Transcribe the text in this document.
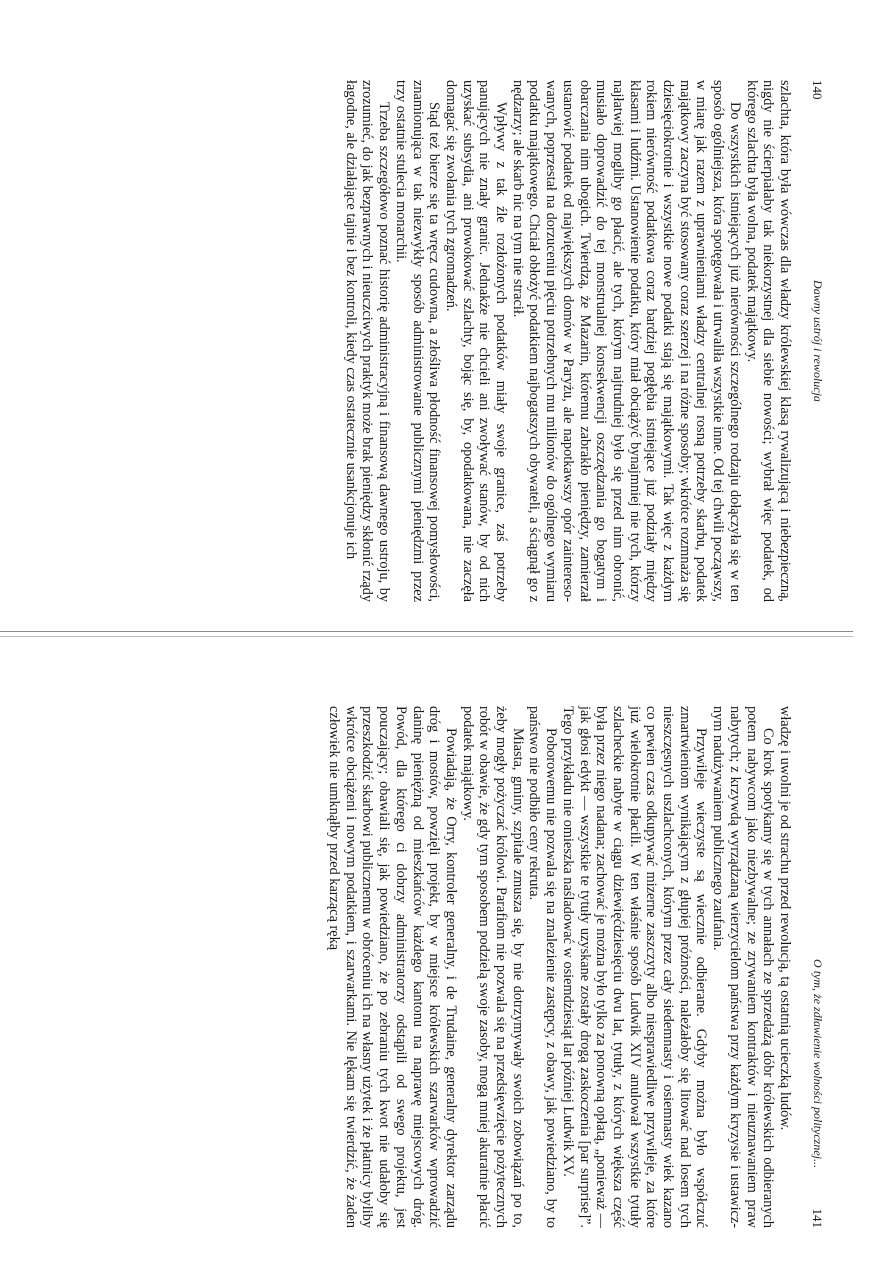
140
Dawny ustrój i rewolucja

szlachta, która była wówczas dla władzy królewskiej klasą rywalizującą i niebezpieczną, nigdy nie ścierpiałaby tak niekorzystnej dla siebie nowości; wybrał więc podatek, od którego szlachta była wolna, podatek majątkowy.

Do wszystkich istniejących już nierówności szczególnego rodzaju dołączyła się w ten sposób ogólniejsza, która spotęgowała i utrwaliła wszystkie inne. Od tej chwili począwszy, w miarę jak razem z uprawnieniami władzy centralnej rosną potrzeby skarbu, podatek majątkowy zaczyna być stosowany coraz szerzej i na różne sposoby; wkrótce rozmnaża się dziesięciokrotnie i wszystkie nowe podatki stają się majątkowymi. Tak więc z każdym rokiem nierówność podatkowa coraz bardziej pogłębia istniejące już podziały między klasami i ludźmi. Ustanowienie podatku, który miał obciążyć bynajmniej nie tych, którzy najłatwiej mogliby go płacić, ale tych, którym najtrudniej było się przed nim obronić, musiało doprowadzić do tej monstrualnej konsekwencji oszczędzania go bogatym i obarczania nim ubogich. Twierdzą, że Mazarin, któremu zabrakło pieniędzy, zamierzał ustanowić podatek od największych domów w Paryżu, ale napotkawszy opór zaintereso- wanych, poprzestał na dorzuceniu pięciu potrzebnych mu milionów do ogólnego wymiaru podatku majątkowego. Chciał obłożyć podatkiem najbogatszych obywateli, a ściągnął go z nędzarzy; ale skarb nic na tym nie stracił.

Wpływy z tak źle rozłożonych podatków miały swoje granice, zaś potrzeby panujących nie znały granic. Jednakże nie chcieli ani zwoływać stanów, by od nich uzyskać subsydia, ani prowokować szlachty, bojąc się, by, opodatkowana, nie zaczęła domagać się zwołania tych zgromadzeń.

Stąd też bierze się ta wręcz cudowna, a złośliwa płodność finansowej pomysłowości, znamionująca w tak niezwykły sposób administrowanie publicznymi pieniędzmi przez trzy ostatnie stulecia monarchii.

Trzeba szczegółowo poznać historię administracyjną i finansową dawnego ustroju, by zrozumieć, do jak bezprawnych i nieuczciwych praktyk może brak pieniędzy skłonić rządy łagodne, ale działające tajnie i bez kontroli, kiedy czas ostatecznie usankcjonuje ich

O tym, że zdławienie wolności politycznej...
141

władzę i uwolni je od strachu przed rewolucją, tą ostatnią ucieczką ludów.

Co krok spotykamy się w tych annałach ze sprzedażą dóbr królewskich odbieranych potem nabywcom jako niezbywalne; ze zrywaniem kontraktów i nieuznawaniem praw nabytych; z krzywdą wyrządzaną wierzycielom państwa przy każdym kryzysie i ustawicz- nym nadużywaniem publicznego zaufania.

Przywileje wieczyste są wiecznie odbierane. Gdyby można było współczuć zmartwieniom wynikającym z głupiej próżności, należałoby się litować nad losem tych nieszczęsnych uszlachconych, którym przez cały siedemnasty i osiemnasty wiek kazano co pewien czas odkupywać mizerne zaszczyty albo niesprawiedliwe przywileje, za które już wielokrotnie płacili. W ten właśnie sposób Ludwik XIV anulował wszystkie tytuły szlacheckie nabyte w ciągu dziewięćdziesięciu dwu lat, tytuły, z których większa część była przez niego nadana; zachować je można było tylko za ponowną opłatą, „ponieważ — jak głosi edykt — wszystkie te tytuły uzyskane zostały drogą zaskoczenia [par surprise]”. Tego przykładu nie omieszka naśladować w osiemdziesiąt lat później Ludwik XV.

Poborowemu nie pozwala się na znalezienie zastępcy, z obawy, jak powiedziano, by to państwo nie podbiło ceny rekruta.

Miasta, gminy, szpitale zmusza się, by nie dotrzymywały swoich zobowiązań po to, żeby mogły pożyczać królowi. Parafiom nie pozwala się na przedsięwzięcie pożytecznych robót w obawie, że gdy tym sposobem podzielą swoje zasoby, mogą mniej akuratnie płacić podatek majątkowy.

Powiadają, że Orry, kontroler generalny, i de Trudaine, generalny dyrektor zarządu dróg i mostów, powzięli projekt, by w miejsce królewskich szarwarków wprowadzić daninę pieniężną od mieszkańców każdego kantonu na naprawę miejscowych dróg. Powód, dla którego ci dobrzy administratorzy odstąpili od swego projektu, jest pouczający; obawiali się, jak powiedziano, że po zebraniu tych kwot nie udałoby się przeszkodzić skarbowi publicznemu w obróceniu ich na własny użytek i że płatnicy byliby wkrótce obciążeni i nowym podatkiem, i szarwarkami. Nie lękam się twierdzić, że żaden człowiek nie umknąłby przed karzącą ręką
